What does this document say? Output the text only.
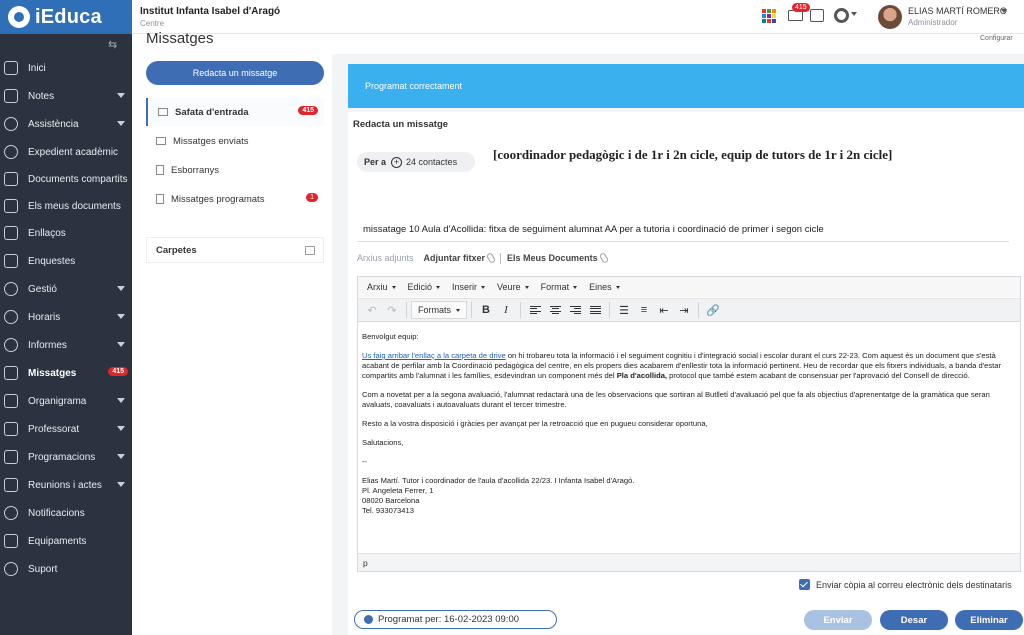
iEduca
⇆
Inici
Notes
Assistència
Expedient acadèmic
Documents compartits
Els meus documents
Enllaços
Enquestes
Gestió
Horaris
Informes
Missatges	415
Organigrama
Professorat
Programacions
Reunions i actes
Notificacions
Equipaments
Suport
Institut Infanta Isabel d'Aragó
Centre
415	ELIAS MARTÍ ROMERO
Administrador
Missatges	Configurar
Redacta un missatge
Safata d'entrada	415
Missatges enviats
Esborranys
Missatges programats	1
Carpetes
Programat correctament
Redacta un missatge
Per a + 24 contactes	[coordinador pedagògic i de 1r i 2n cicle, equip de tutors de 1r i 2n cicle]
missatage 10 Aula d'Acollida: fitxa de seguiment alumnat AA per a tutoria i coordinació de primer i segon cicle
Arxius adjunts Adjuntar fitxer Els Meus Documents
Arxiu	Edició	Inserir	Veure	Format	Eines
↶ ↷	Formats	B	I	☰	≡	⇤ ⇥	🔗

Benvolgut equip:

Us faig arribar l'enllaç a la carpeta de drive on hi trobareu tota la informació i el seguiment cognitiu i d'integració social i escolar durant el curs 22-23. Com aquest és un document que s'està acabant de perfilar amb la Coordinació pedagògica del centre, en els propers dies acabarem d'enllestir tota la informació pertinent. Heu de recordar que els fitxers individuals, a banda d'estar compartits amb l'alumnat i les famílies, esdevindran un component més del Pla d'acollida, protocol que també estem acabant de consensuar per l'aprovació del Consell de direcció.

Com a novetat per a la segona avaluació, l'alumnat redactarà una de les observacions que sortiran al Butlletí d'avaluació pel que fa als objectius d'aprenentatge de la gramàtica que seran avaluats, coavaluats i autoavaluats durant el tercer trimestre.

Resto a la vostra disposició i gràcies per avançat per la retroacció que en pugueu considerar oportuna,

Salutacions,

--

Elias Martí. Tutor i coordinador de l'aula d'acollida 22/23. I Infanta Isabel d'Aragó.
Pl. Angeleta Ferrer, 1
08020 Barcelona
Tel. 933073413
p
Enviar còpia al correu electrònic dels destinataris
Programat per: 16-02-2023 09:00	Enviar	Desar	Eliminar
